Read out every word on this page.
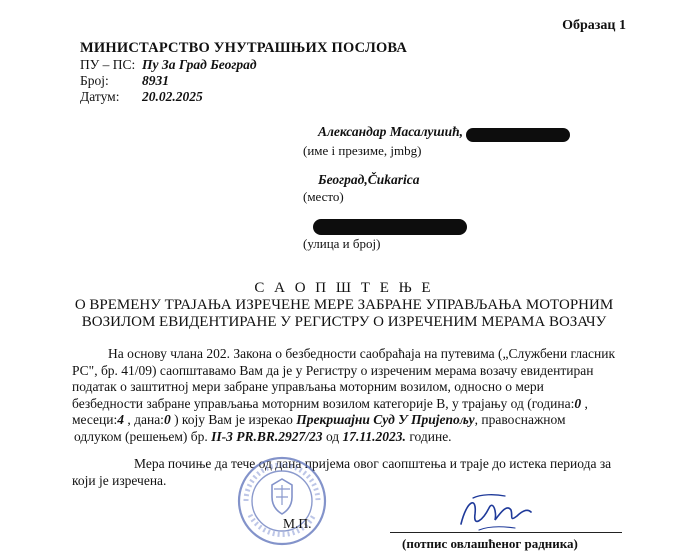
Образац 1
МИНИСТАРСТВО УНУТРАШЊИХ ПОСЛОВА
ПУ – ПС: Пу За Град Београд
Број: 8931
Датум: 20.02.2025
Александар Масалушић,
(име і презиме, jmbg)
Београд,Čukarica
(место)
(улица и број)
С А О П Ш Т Е Њ Е
О ВРЕМЕНУ ТРАЈАЊА ИЗРЕЧЕНЕ МЕРЕ ЗАБРАНЕ УПРАВЉАЊА МОТОРНИМ
ВОЗИЛОМ ЕВИДЕНТИРАНЕ У РЕГИСТРУ О ИЗРЕЧЕНИМ МЕРАМА ВОЗАЧУ
На основу члана 202. Закона о безбедности саобраћаја на путевима („Службени гласник
РС", бр. 41/09) саопштавамо Вам да је у Регистру о изреченим мерама возачу евидентиран
податак о заштитној мери забране управљања моторним возилом, односно о мери
безбедности забране управљања моторним возилом категорије В, у трајању од (година:0 ,
месеци:4 , дана:0 ) коју Вам је изрекао Прекршајни Суд У Пријепољу, правоснажном
одлуком (решењем) бр. II-3 PR.BR.2927/23 од 17.11.2023. године.
Мера почиње да тече од дана пријема овог саопштења и траје до истека периода за
који је изречена.
М.П.
(потпис овлашћеног радника)
